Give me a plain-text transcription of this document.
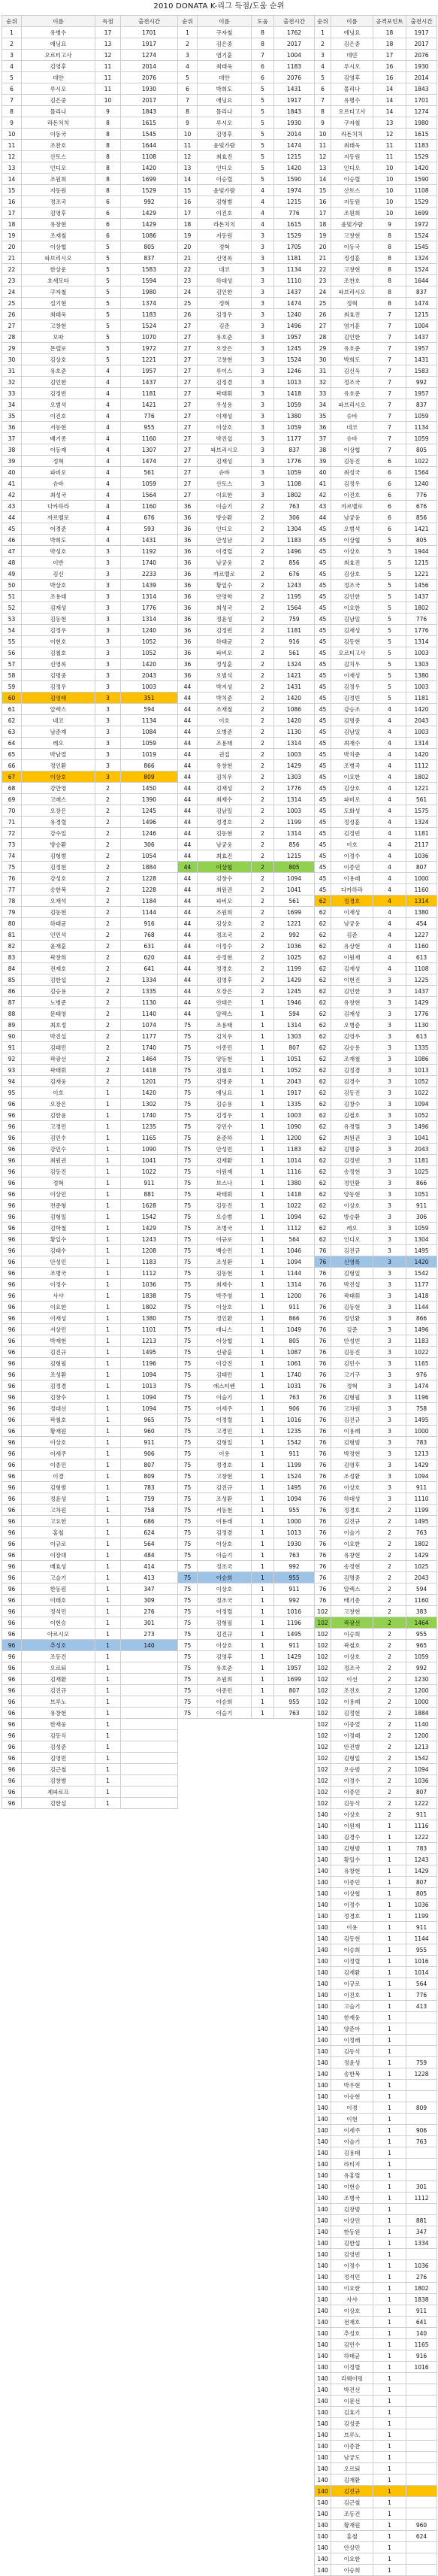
2010 DONATA K-리그 득점/도움 순위
순위	이름	득점	출전시간
1	유병수	17	1701
2	에닝요	13	1917
3	오르티고사	12	1274
4	김영후	11	2014
5	데얀	11	2076
6	루시오	11	1930
7	김은중	10	2017
8	몰리나	9	1843
9	라돈치치	8	1615
10	이동국	8	1545
11	조찬호	8	1644
12	산토스	8	1108
13	인디오	8	1420
14	조원희	8	1699
15	지동원	8	1529
16	정조국	6	992
17	김영후	6	1429
18	유창현	6	1429
19	조재철	6	1086
20	이상협	5	805
21	파브리시오	5	837
22	한상운	5	1583
23	호세모타	5	1594
24	구자철	5	1980
25	설기현	5	1374
26	최태욱	5	1183
27	고창현	5	1524
28	모따	5	1070
29	몬텔로	5	1972
30	김상호	5	1221
31	유호준	4	1957
32	김인한	4	1437
33	김정빈	4	1181
34	오범석	4	1421
35	이진호	4	776
36	서동현	4	955
37	배기종	4	1160
38	이동재	4	1307
39	정혁	4	1474
40	파비오	4	561
41	슈바	4	1059
42	최성국	4	1564
43	다카하라	4	1160
44	까르멜로	4	676
45	어경준	4	593
46	박희도	4	1431
47	박성호	3	1192
48	이반	3	1740
49	김신	3	2233
50	박상호	3	1439
51	조용태	3	1314
52	김재성	3	1776
53	김동현	3	1314
54	김정우	3	1240
55	이현호	3	1052
56	김철호	3	1052
57	신영록	3	1420
58	김명중	3	2043
59	김정우	3	1003
60	김영태	3	351
61	알렉스	3	594
62	네코	3	1134
63	남준재	3	1084
64	레오	3	1059
65	박남열	3	1019
66	정인환	3	866
67	이상호	3	809
68	강만영	2	1450
69	고메스	2	1390
70	오장은	2	1245
71	유경렬	2	1496
72	강수일	2	1246
73	방승환	2	306
74	김형범	2	1054
75	김정현	2	1884
76	강성호	2	1228
77	송한복	2	1228
78	오재석	2	1184
79	김동현	2	1144
80	하태균	2	916
81	인민석	2	768
82	윤재훈	2	631
83	곽창희	2	620
84	전재호	2	641
85	김한섭	2	1334
86	김승용	2	1335
87	노병준	2	1130
88	문태영	2	1140
89	최호정	2	1074
90	박진섭	2	1177
91	김태민	2	1740
92	곽광선	2	1464
93	곽태휘	2	1418
94	김재웅	2	1201
95	이호	1	1420
96	오장은	1	1302
96	김한윤	1	1740
96	고경민	1	1235
96	김민수	1	1165
96	강민수	1	1090
96	최원권	1	1041
96	김동진	1	1022
96	정혁	1	911
96	이상민	1	881
96	전준형	1	1628
96	김형일	1	1542
96	김학철	1	1429
96	황일수	1	1243
96	김태수	1	1208
96	안성민	1	1183
96	조병국	1	1112
96	이정수	1	1036
96	사샤	1	1838
96	이요한	1	1802
96	이재성	1	1380
96	서상민	1	1101
96	박재현	1	1213
96	김진규	1	1495
96	김형필	1	1196
96	조성환	1	1094
96	김정겸	1	1013
96	김창수	1	1094
96	정대선	1	1094
96	곽철호	1	965
96	황재원	1	960
96	이상호	1	911
96	이세주	1	906
96	이종민	1	807
96	이경	1	809
96	김형범	1	783
96	정윤성	1	759
96	고차원	1	758
96	고요한	1	686
96	홍철	1	624
96	이규로	1	564
96	이장대	1	484
96	배효성	1	414
96	고슬기	1	413
96	한동원	1	347
96	이태호	1	309
96	정석민	1	276
96	이현승	1	301
96	아르시오	1	273
96	추성호	1	140
96	조동건	1	
96	오르퇴	1	
96	김재환	1	
96	김진규	1	
96	브루노	1	
96	유창현	1	
96	한재웅	1	
96	김동식	1	
96	김성준	1	
96	김영빈	1	
96	김근철	1	
96	김창범	1	
96	제파로프	1	
96	김한섭	1	
순위	이름	도움	출전시간
1	구자철	8	1762
2	김은중	8	2017
3	염기훈	7	1004
4	최태욱	6	1183
5	데얀	6	2076
6	박희도	5	1431
7	에닝요	5	1917
8	몰리나	5	1843
9	루시오	5	1930
10	김영후	5	2014
11	윤빛가람	5	1474
12	최효진	5	1215
13	인디오	5	1420
14	이승렬	5	1590
15	윤빛가람	4	1974
16	김형범	4	1215
17	이진호	4	776
18	라돈치치	4	1615
19	지동원	3	1529
20	정혁	3	1705
21	신영록	3	1181
22	네코	3	1134
23	하대성	3	1110
24	김인한	3	1437
25	정혁	3	1474
26	김정우	3	1240
27	김준	3	1496
27	유호준	3	1957
27	오장은	3	1245
27	고창현	3	1524
27	루이스	3	1246
27	김정겸	3	1013
27	곽태휘	3	1418
27	우성용	3	1059
27	이재성	3	1380
27	이상호	3	1059
27	박진섭	3	1177
27	파브리시오	3	837
27	김재성	3	1776
27	슈바	3	1059
27	산토스	3	1108
27	이요한	3	1802
36	이슬기	2	763
36	방승환	2	306
36	인디오	2	1304
36	안성남	2	1183
36	이경렬	2	1496
36	남궁웅	2	856
36	까르멜로	2	676
36	황일수	2	1243
36	안영학	2	1195
36	최성국	2	1564
36	정윤성	2	759
36	김정빈	2	1181
36	하태균	2	916
36	파비오	2	561
36	정성훈	2	1324
36	오범석	2	1421
44	박지성	2	1431
44	박치준	2	1420
44	조재철	2	1086
44	이호	2	1420
44	오병준	2	1130
44	조용태	2	1314
44	권집	2	1003
44	유창현	2	1429
44	김치우	2	1303
44	김재성	2	1776
44	최재수	2	1314
44	김남일	2	1003
44	정경호	2	1199
44	김동현	2	1314
44	남궁웅	2	856
44	최효진	2	1215
44	이상협	2	805
44	김창수	2	1094
44	최원권	2	1041
44	파비오	2	561
44	조원희	2	1699
44	김상호	2	1221
44	정조국	2	992
44	이정수	2	1036
44	송정현	2	1025
44	정경호	2	1199
44	김영후	2	1429
44	오장은	2	1245
44	안태은	1	1946
44	알렉스	1	594
75	조용태	1	1314
75	김치우	1	1303
75	이종민	1	807
75	양동현	1	1051
75	김철호	1	1052
75	김명중	1	2043
75	에닝요	1	1917
75	김승용	1	1335
75	김정우	1	1003
75	강민수	1	1090
75	윤준하	1	1200
75	안성빈	1	1183
75	김재환	1	1014
75	이원재	1	1116
75	보스나	1	1380
75	곽태휘	1	1418
75	김동진	1	1022
75	오승범	1	1094
75	조병국	1	1112
75	이규로	1	564
75	백승민	1	1046
75	조성환	1	1094
75	김동현	1	1144
75	최재수	1	1314
75	박주영	1	1200
75	이상호	1	911
75	정인환	1	866
75	데니스	1	1049
75	이상협	1	805
75	신광훈	1	1087
75	이강진	1	1061
75	김태민	1	1740
75	에스티벤	1	1031
75	이슬기	1	763
75	이세주	1	906
75	이정렬	1	1016
75	고경민	1	1235
75	김형일	1	1542
75	이용	1	911
75	정경호	1	1199
75	고창현	1	1524
75	김진규	1	1495
75	조성환	1	1094
75	서동현	1	955
75	이용래	1	1000
75	김정겸	1	1013
75	이상호	1	1930
75	이슬기	1	763
75	정조국	1	992
75	이승희	1	955
75	이상호	1	911
75	정조국	1	992
75	이정렬	1	1016
75	김형필	1	1196
75	김진규	1	1495
75	이상호	1	911
75	김영후	1	1429
75	유호준	1	1957
75	조원희	1	1699
75	이종민	1	807
75	이승희	1	955
75	이슬기	1	763
순위	이름	공격포인트	출전시간
1	에닝요	18	1917
2	김은중	18	2017
3	데얀	17	2076
4	루시오	16	1930
5	김영후	16	2014
6	몰리나	14	1843
7	유병수	14	1701
8	오르티고사	14	1274
9	구자철	13	1980
10	라돈치치	12	1615
11	최태욱	11	1183
12	지동원	11	1529
13	인디오	10	1420
14	이승렬	10	1590
15	산토스	10	1108
16	지동원	10	1529
17	조원희	10	1699
18	윤빛가람	9	1972
19	고창현	8	1524
20	이동국	8	1545
21	정성훈	8	1324
22	고창현	8	1524
23	조찬호	8	1644
24	파브리시오	8	837
25	정혁	8	1474
26	최효진	7	1215
27	염기훈	7	1004
28	김인한	7	1437
29	유호준	7	1957
30	박희도	7	1431
31	김신욱	7	1583
32	정조국	7	992
33	유호준	7	1957
34	파브리시오	7	837
35	슈바	7	1059
36	네코	7	1134
37	슈바	7	1059
38	이상협	7	805
39	김동진	6	1022
40	최성국	6	1564
41	김정우	6	1240
42	이진호	6	776
43	까르멜로	6	676
44	남궁웅	6	856
45	오범석	6	1421
45	이상협	5	805
45	이상호	5	1944
45	최효진	5	1215
45	김상호	5	1221
45	정조국	5	1456
45	김인한	5	1437
45	이요한	5	1802
45	김남일	5	776
45	김재성	5	1776
45	김동현	5	1314
45	오르티고사	5	1003
45	김치우	5	1303
45	이재성	5	1380
45	김정우	5	1003
45	김정빈	5	1181
45	강승조	4	1420
45	김명중	4	2043
45	김남일	4	1003
45	최재수	4	1314
45	박치준	4	1420
45	조병국	4	1112
45	이요한	4	1802
45	김상호	4	1221
45	파비오	4	561
45	도화성	4	1575
45	정성훈	4	1324
45	김정빈	4	1181
45	이호	4	2117
45	이정수	4	1036
45	이종민	4	807
45	이용래	4	1000
45	다카하라	4	1160
62	정경호	4	1314
62	이재성	4	1380
62	남궁웅	4	454
62	김준	4	1227
62	유상현	4	1160
62	이원재	4	613
62	김재성	4	1108
62	이현진	3	1225
62	김인한	3	1437
62	유창현	3	1429
62	김재성	3	1776
62	오병준	3	1130
62	김영우	3	613
62	김승용	3	1335
62	조재철	3	1086
62	김정겸	3	1013
62	김경수	3	1052
62	김동진	3	1022
62	김창수	3	1094
62	김철호	3	1052
62	유경렬	3	1496
62	최원권	3	1041
62	김명중	3	2043
62	김정빈	3	1181
62	송정현	3	1025
62	정인환	3	866
62	양동현	3	1051
62	이상호	3	911
62	방승환	3	306
62	레오	3	1059
62	인디오	3	1304
76	김진규	3	1495
76	신영록	3	1420
76	김형일	3	1542
76	박진섭	3	1177
76	곽태휘	3	1418
76	김동현	3	1144
76	정인환	3	866
76	김준	3	1496
76	안성빈	3	1183
76	김동진	3	1022
76	김민수	3	1165
76	고기구	3	976
76	정혁	3	1474
76	김형필	3	1196
76	고차원	3	758
76	김진규	3	1495
76	이용래	3	1000
76	김형범	3	783
76	박정현	3	1213
76	김영후	3	1429
76	조성환	3	1094
76	이상호	3	911
76	하대성	3	1110
76	정경호	2	1199
76	김진규	2	1495
76	이슬기	2	763
76	이요한	2	1802
76	유창현	2	1429
76	송정현	2	1025
76	김명중	2	2043
76	알렉스	2	594
76	배기종	2	1160
102	고창현	2	383
102	곽광선	2	1464
102	이승희	2	955
102	곽철호	2	965
102	이상호	2	1059
102	정조국	2	992
102	이선	2	1230
102	조진호	2	1200
102	이용래	2	1000
102	김정현	2	1884
102	이중열	2	1140
102	이정래	2	1200
102	안진범	2	1213
102	김형일	2	1542
102	오승범	2	1094
102	이정수	2	1036
102	이종민	2	807
102	김동식	2	1222
140	이상호	2	911
140	이원재	1	1116
140	김경수	1	1222
140	김형범	1	783
140	황일수	1	1243
140	유창현	1	1429
140	이종민	1	807
140	이상협	1	805
140	이정수	1	1036
140	정경호	1	1199
140	이용	1	911
140	김동현	1	1144
140	이승희	1	955
140	이정렬	1	1016
140	김재환	1	1014
140	이규로	1	564
140	이진호	1	776
140	고슬기	1	413
140	한재웅	1	
140	양준아	1	
140	이정래	1	
140	김동식	1	
140	정윤성	1	759
140	송한복	1	1228
140	박우현	1	
140	이승현	1	
140	이경	1	809
140	이현	1	
140	이세주	1	906
140	이슬기	1	763
140	김용태	1	
140	라티지	1	
140	유홍렬	1	
140	이현승	1	301
140	조병국	1	1112
140	김창범	1	
140	이상민	1	881
140	한동원	1	347
140	김한섭	1	1334
140	김영빈	1	
140	이정수	1	1036
140	정석민	1	276
140	이요한	1	1802
140	사샤	1	1838
140	이상호	1	911
140	전재호	1	641
140	추성호	1	140
140	김민수	1	1165
140	하태균	1	916
140	이정렬	1	1016
140	리웨이펑	1	
140	박건선	1	
140	이문선	1	
140	김효기	1	
140	김성준	1	
140	브루노	1	
140	이종찬	1	
140	남궁도	1	
140	오르퇴	1	
140	김재환	1	
140	김진규	1	
140	김근철	1	
140	조동건	1	
140	황재원	1	960
140	홍철	1	624
140	안상민	1	
140	이요한	1	
140	이승희	1	
